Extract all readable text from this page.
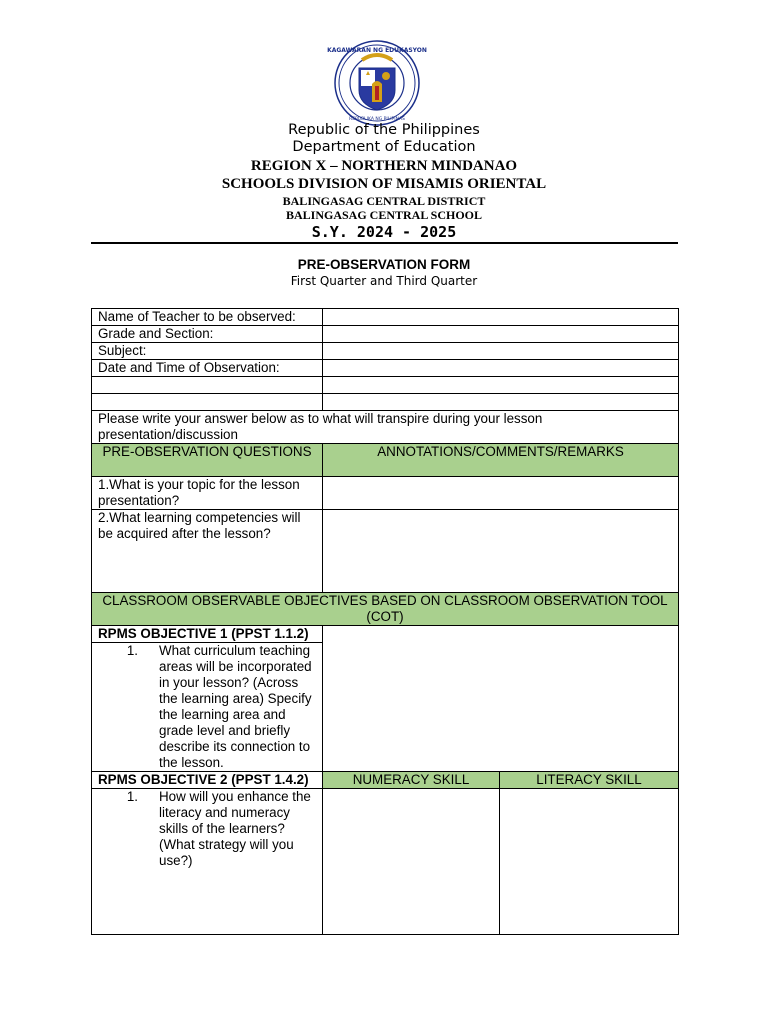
KAGAWARAN NG EDUKASYON
REPUBLIKA NG PILIPINAS
Republic of the Philippines
Department of Education
REGION X – NORTHERN MINDANAO
SCHOOLS DIVISION OF MISAMIS ORIENTAL
BALINGASAG CENTRAL DISTRICT
BALINGASAG CENTRAL SCHOOL
S.Y. 2024 - 2025
PRE-OBSERVATION FORM
First Quarter and Third Quarter
Name of Teacher to be observed:		
Grade and Section:		
Subject:		
Date and Time of Observation:		

Please write your answer below as to what will transpire during your lesson presentation/discussion		
PRE-OBSERVATION QUESTIONS	ANNOTATIONS/COMMENTS/REMARKS	
1.What is your topic for the lesson presentation?		
2.What learning competencies will be acquired after the lesson?		
CLASSROOM OBSERVABLE OBJECTIVES BASED ON CLASSROOM OBSERVATION TOOL (COT)		
RPMS OBJECTIVE 1 (PPST 1.1.2)		

1. What curriculum teaching areas will be incorporated in your lesson? (Across the learning area) Specify the learning area and grade level and briefly describe its connection to the lesson.		

RPMS OBJECTIVE 2 (PPST 1.4.2)	NUMERACY SKILL	LITERACY SKILL

1. How will you enhance the literacy and numeracy skills of the learners? (What strategy will you use?)		
